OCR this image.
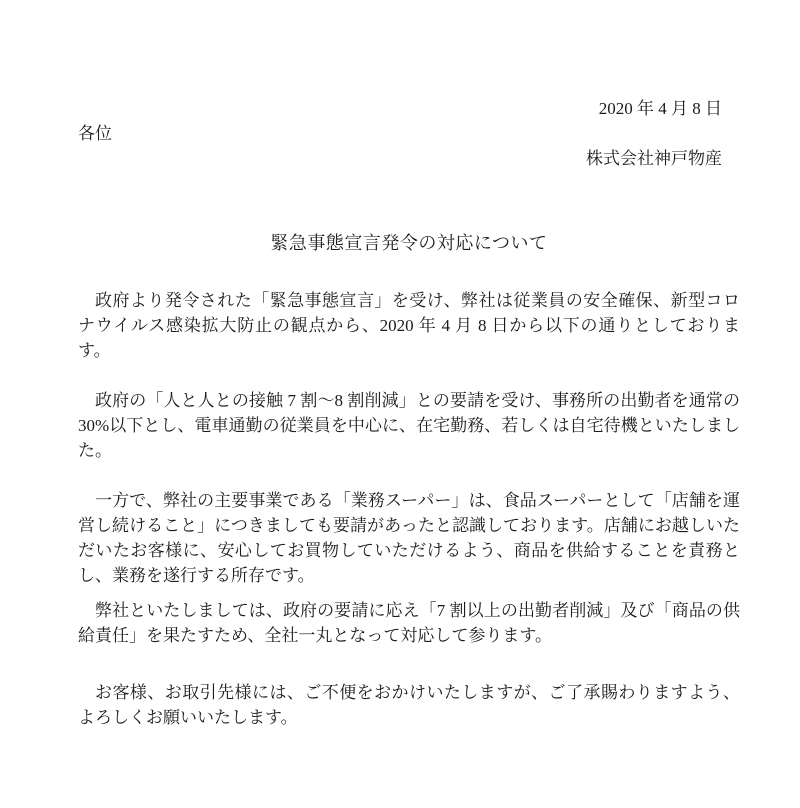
2020 年 4 月 8 日
各位
株式会社神戸物産
緊急事態宣言発令の対応について

政府より発令された「緊急事態宣言」を受け、弊社は従業員の安全確保、新型コロナウイルス感染拡大防止の観点から、2020 年 4 月 8 日から以下の通りとしております。

政府の「人と人との接触 7 割～8 割削減」との要請を受け、事務所の出勤者を通常の 30%以下とし、電車通勤の従業員を中心に、在宅勤務、若しくは自宅待機といたしました。

一方で、弊社の主要事業である「業務スーパー」は、食品スーパーとして「店舗を運営し続けること」につきましても要請があったと認識しております。店舗にお越しいただいたお客様に、安心してお買物していただけるよう、商品を供給することを責務とし、業務を遂行する所存です。

弊社といたしましては、政府の要請に応え「7 割以上の出勤者削減」及び「商品の供給責任」を果たすため、全社一丸となって対応して参ります。

お客様、お取引先様には、ご不便をおかけいたしますが、ご了承賜わりますよう、よろしくお願いいたします。
